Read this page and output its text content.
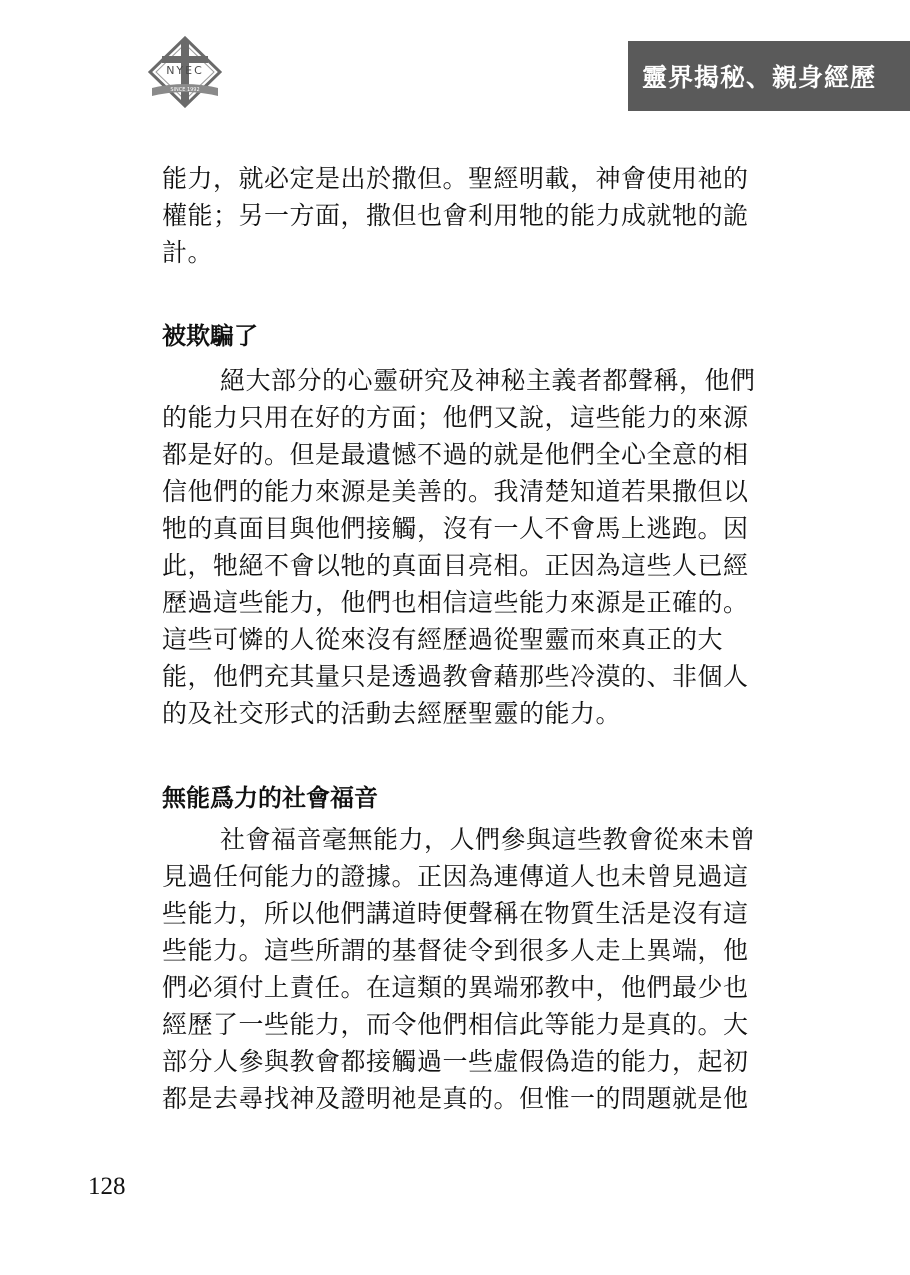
NYEC
SINCE 1992	靈界揭秘、親身經歷
能力，就必定是出於撒但。聖經明載，神會使用祂的
權能；另一方面，撒但也會利用牠的能力成就牠的詭
計。
被欺騙了
絕大部分的心靈研究及神秘主義者都聲稱，他們
的能力只用在好的方面；他們又說，這些能力的來源
都是好的。但是最遺憾不過的就是他們全心全意的相
信他們的能力來源是美善的。我清楚知道若果撒但以
牠的真面目與他們接觸，沒有一人不會馬上逃跑。因
此，牠絕不會以牠的真面目亮相。正因為這些人已經
歷過這些能力，他們也相信這些能力來源是正確的。
這些可憐的人從來沒有經歷過從聖靈而來真正的大
能，他們充其量只是透過教會藉那些冷漠的、非個人
的及社交形式的活動去經歷聖靈的能力。
無能爲力的社會福音
社會福音毫無能力，人們參與這些教會從來未曾
見過任何能力的證據。正因為連傳道人也未曾見過這
些能力，所以他們講道時便聲稱在物質生活是沒有這
些能力。這些所謂的基督徒令到很多人走上異端，他
們必須付上責任。在這類的異端邪教中，他們最少也
經歷了一些能力，而令他們相信此等能力是真的。大
部分人參與教會都接觸過一些虛假偽造的能力，起初
都是去尋找神及證明祂是真的。但惟一的問題就是他
128
